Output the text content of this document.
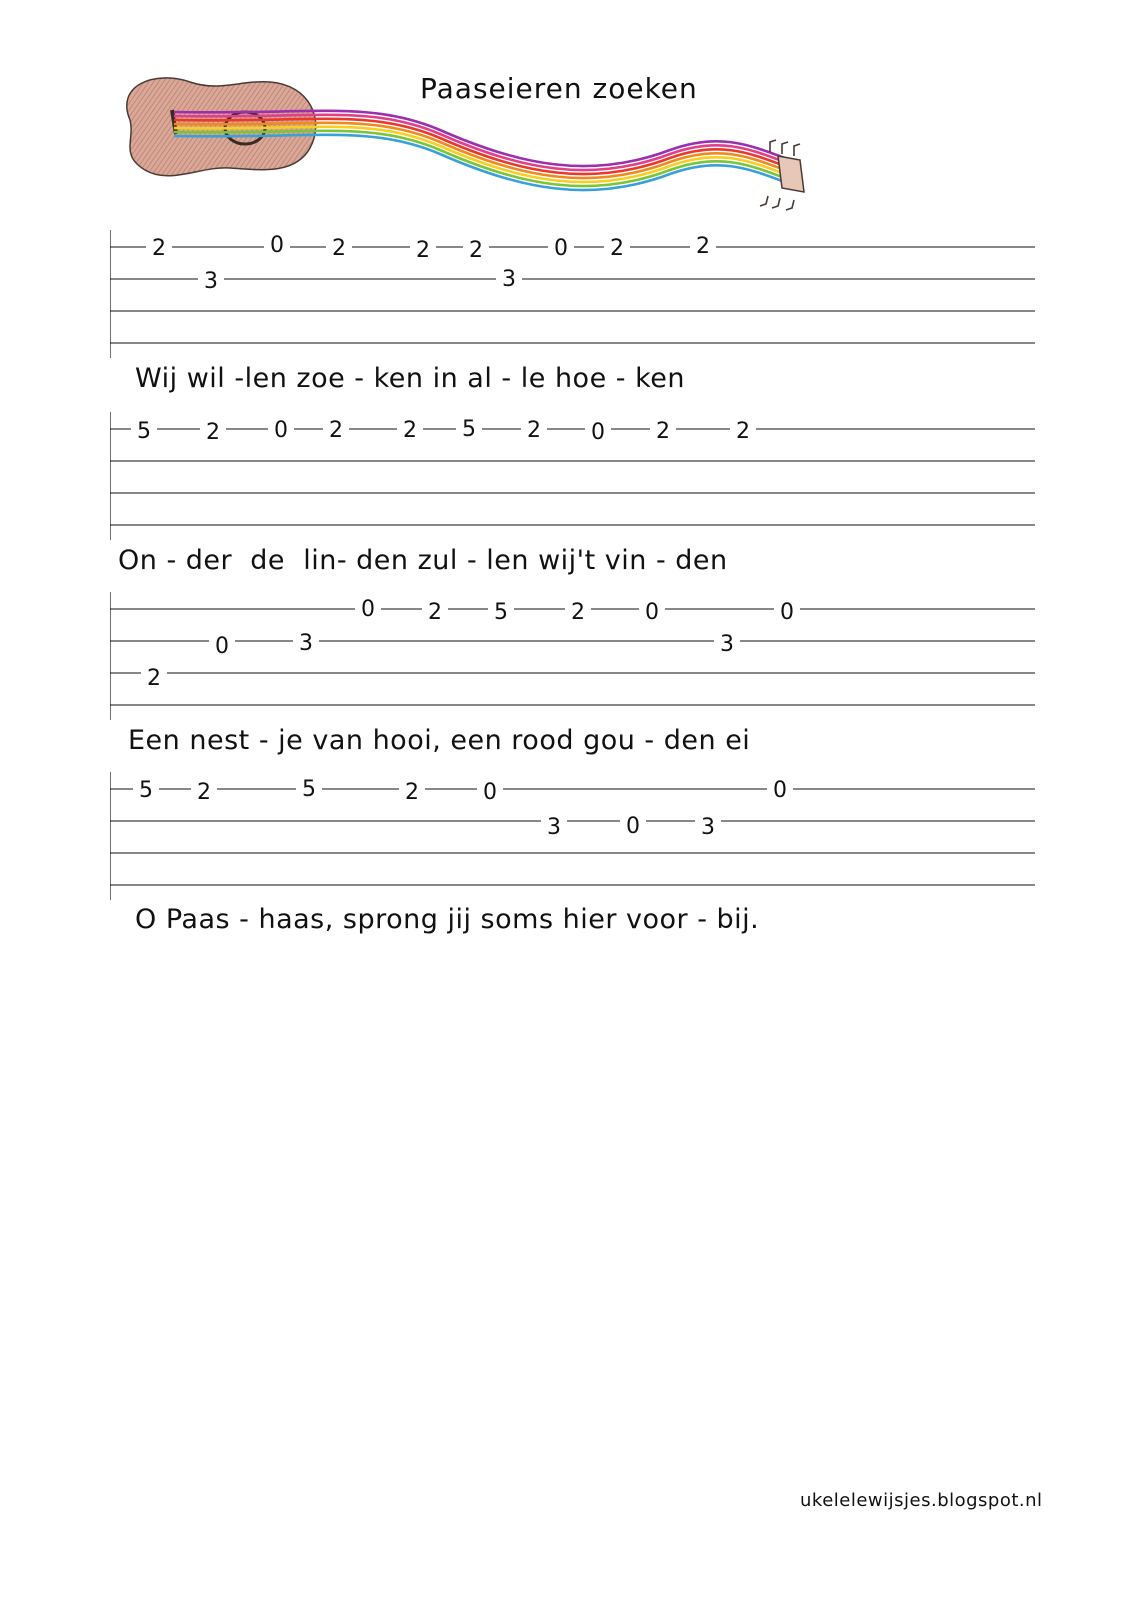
Paaseieren zoeken
2	0 2	2 2	0 2	2
3	3
Wij wil -len zoe - ken in al - le hoe - ken
5	2 0 2	2 5 2 0 2	2
On - der  de  lin- den zul - len wij't vin - den
0 2 5	2	0	0
0	3	3
2
Een nest - je van hooi, een rood gou - den ei
5 2	5	2	0	0
3	0	3
O Paas - haas, sprong jij soms hier voor - bij.
ukelelewijsjes.blogspot.nl
